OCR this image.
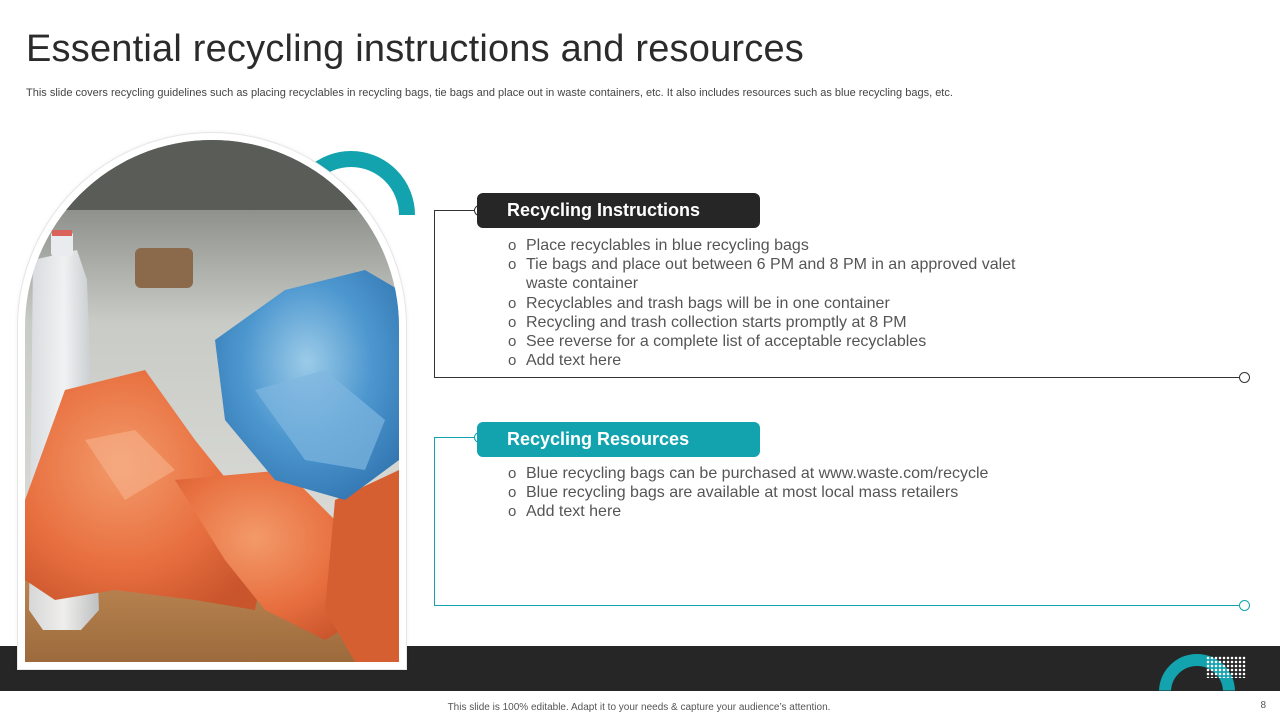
Essential recycling instructions and resources

This slide covers recycling guidelines such as placing recyclables in recycling bags, tie bags and place out in waste containers, etc. It also includes resources such as blue recycling bags, etc.

Recycling Instructions
o Place recyclables in blue recycling bags
o Tie bags and place out between 6 PM and 8 PM in an approved valet waste container
o Recyclables and trash bags will be in one container
o Recycling and trash collection starts promptly at 8 PM
o See reverse for a complete list of acceptable recyclables
o Add text here
Recycling Resources
o Blue recycling bags can be purchased at www.waste.com/recycle
o Blue recycling bags are available at most local mass retailers
o Add text here
This slide is 100% editable. Adapt it to your needs & capture your audience’s attention.	8
